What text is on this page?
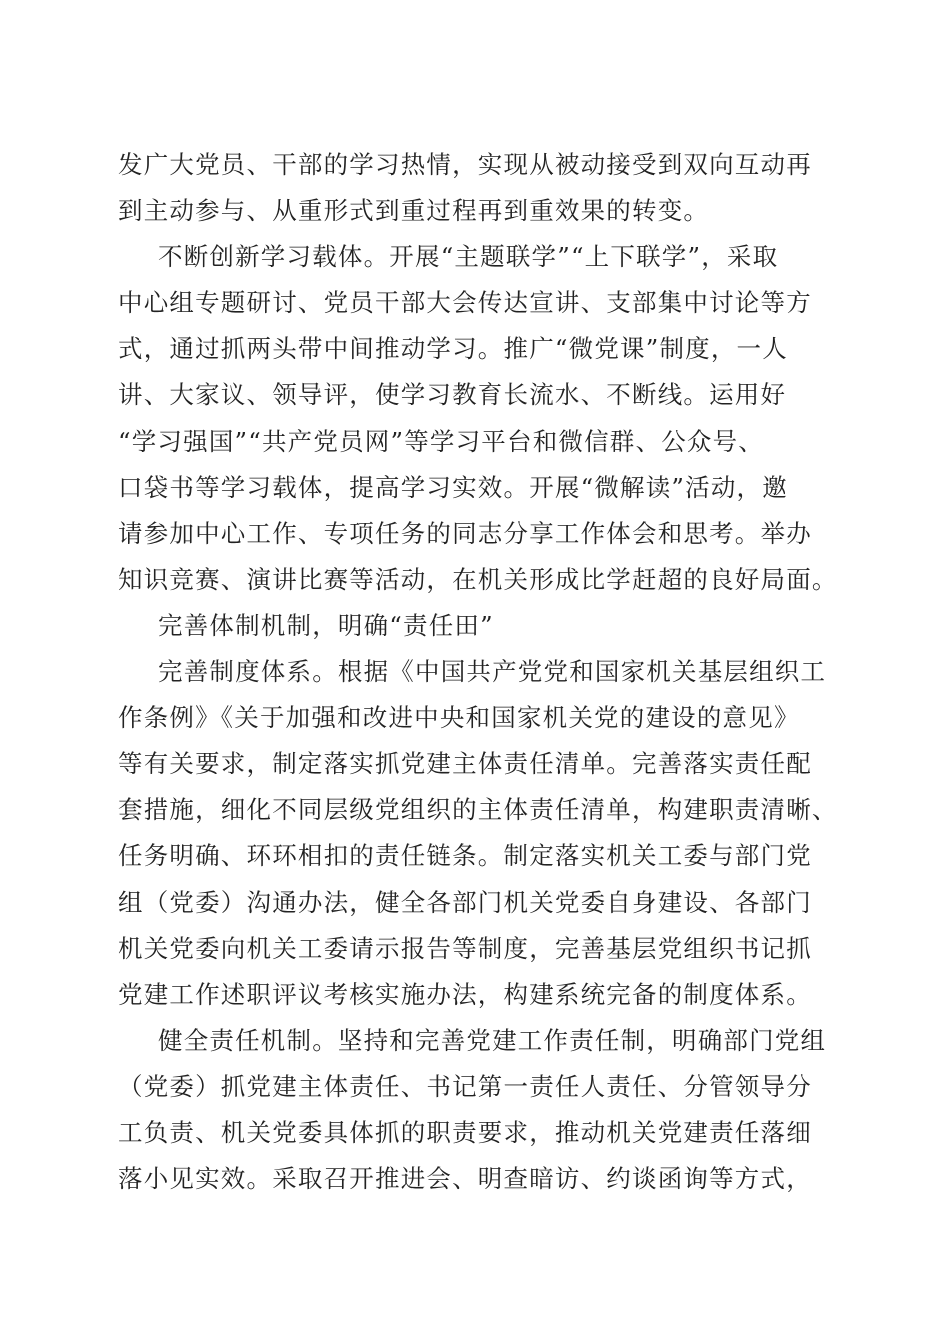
发广大党员、干部的学习热情，实现从被动接受到双向互动再
到主动参与、从重形式到重过程再到重效果的转变。
不断创新学习载体。开展“主题联学”“上下联学”，采取
中心组专题研讨、党员干部大会传达宣讲、支部集中讨论等方
式，通过抓两头带中间推动学习。推广“微党课”制度，一人
讲、大家议、领导评，使学习教育长流水、不断线。运用好
“学习强国”“共产党员网”等学习平台和微信群、公众号、
口袋书等学习载体，提高学习实效。开展“微解读”活动，邀
请参加中心工作、专项任务的同志分享工作体会和思考。举办
知识竞赛、演讲比赛等活动，在机关形成比学赶超的良好局面。
完善体制机制，明确“责任田”
完善制度体系。根据《中国共产党党和国家机关基层组织工
作条例》《关于加强和改进中央和国家机关党的建设的意见》
等有关要求，制定落实抓党建主体责任清单。完善落实责任配
套措施，细化不同层级党组织的主体责任清单，构建职责清晰、
任务明确、环环相扣的责任链条。制定落实机关工委与部门党
组（党委）沟通办法，健全各部门机关党委自身建设、各部门
机关党委向机关工委请示报告等制度，完善基层党组织书记抓
党建工作述职评议考核实施办法，构建系统完备的制度体系。
健全责任机制。坚持和完善党建工作责任制，明确部门党组
（党委）抓党建主体责任、书记第一责任人责任、分管领导分
工负责、机关党委具体抓的职责要求，推动机关党建责任落细
落小见实效。采取召开推进会、明查暗访、约谈函询等方式，
